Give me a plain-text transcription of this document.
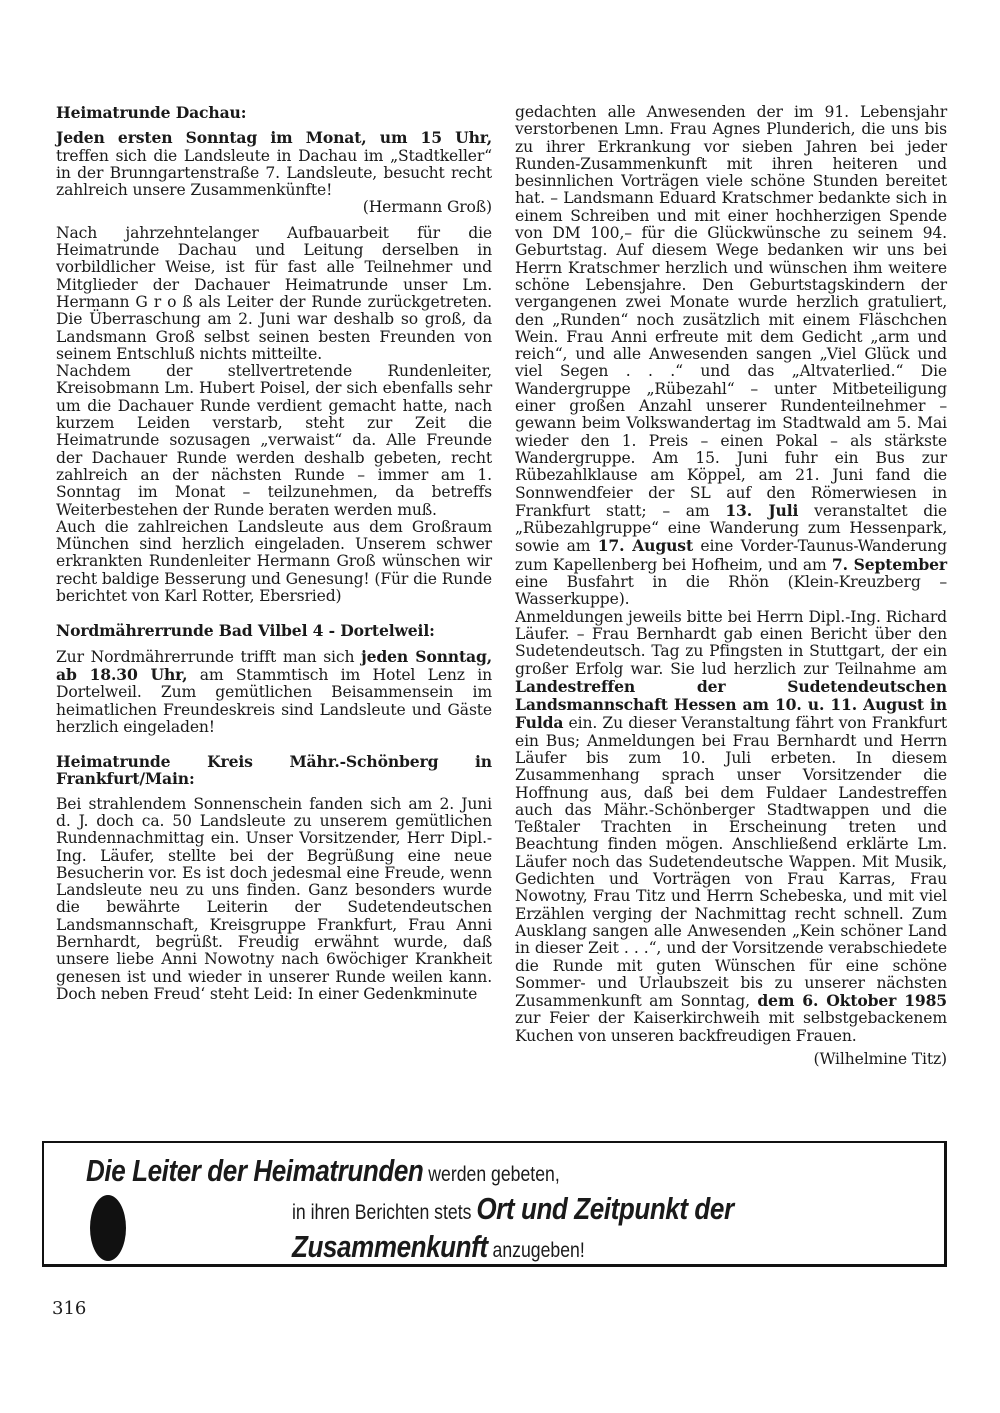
Heimatrunde Dachau:

Jeden ersten Sonntag im Monat, um 15 Uhr, treffen sich die Landsleute in Dachau im „Stadtkeller“ in der Brunngartenstraße 7. Landsleute, besucht recht zahlreich unsere Zusammenkünfte!

(Hermann Groß)

Nach jahrzehntelanger Aufbauarbeit für die Heimatrunde Dachau und Leitung derselben in vorbildlicher Weise, ist für fast alle Teilnehmer und Mitglieder der Dachauer Heimatrunde unser Lm. Hermann G r o ß als Leiter der Runde zurückgetreten. Die Überraschung am 2. Juni war deshalb so groß, da Landsmann Groß selbst seinen besten Freunden von seinem Entschluß nichts mitteilte.

Nachdem der stellvertretende Rundenleiter, Kreisobmann Lm. Hubert Poisel, der sich ebenfalls sehr um die Dachauer Runde verdient gemacht hatte, nach kurzem Leiden verstarb, steht zur Zeit die Heimatrunde sozusagen „verwaist“ da. Alle Freunde der Dachauer Runde werden deshalb gebeten, recht zahlreich an der nächsten Runde – immer am 1. Sonntag im Monat – teilzunehmen, da betreffs Weiterbestehen der Runde beraten werden muß.

Auch die zahlreichen Landsleute aus dem Großraum München sind herzlich eingeladen. Unserem schwer erkrankten Rundenleiter Hermann Groß wünschen wir recht baldige Besserung und Genesung! (Für die Runde berichtet von Karl Rotter, Ebersried)

Nordmährerrunde Bad Vilbel 4 - Dortelweil:

Zur Nordmährerrunde trifft man sich jeden Sonntag, ab 18.30 Uhr, am Stammtisch im Hotel Lenz in Dortelweil. Zum gemütlichen Beisammensein im heimatlichen Freundeskreis sind Landsleute und Gäste herzlich eingeladen!

Heimatrunde Kreis Mähr.-Schönberg in Frankfurt/Main:

Bei strahlendem Sonnenschein fanden sich am 2. Juni d. J. doch ca. 50 Landsleute zu unserem gemütlichen Rundennachmittag ein. Unser Vorsitzender, Herr Dipl.-Ing. Läufer, stellte bei der Begrüßung eine neue Besucherin vor. Es ist doch jedesmal eine Freude, wenn Landsleute neu zu uns finden. Ganz besonders wurde die bewährte Leiterin der Sudetendeutschen Landsmannschaft, Kreisgruppe Frankfurt, Frau Anni Bernhardt, begrüßt. Freudig erwähnt wurde, daß unsere liebe Anni Nowotny nach 6wöchiger Krankheit genesen ist und wieder in unserer Runde weilen kann. Doch neben Freud‘ steht Leid: In einer Gedenkminute

gedachten alle Anwesenden der im 91. Lebensjahr verstorbenen Lmn. Frau Agnes Plunderich, die uns bis zu ihrer Erkrankung vor sieben Jahren bei jeder Runden-Zusammenkunft mit ihren heiteren und besinnlichen Vorträgen viele schöne Stunden bereitet hat. – Landsmann Eduard Kratschmer bedankte sich in einem Schreiben und mit einer hochherzigen Spende von DM 100,– für die Glückwünsche zu seinem 94. Geburtstag. Auf diesem Wege bedanken wir uns bei Herrn Kratschmer herzlich und wünschen ihm weitere schöne Lebensjahre. Den Geburtstagskindern der vergangenen zwei Monate wurde herzlich gratuliert, den „Runden“ noch zusätzlich mit einem Fläschchen Wein. Frau Anni erfreute mit dem Gedicht „arm und reich“, und alle Anwesenden sangen „Viel Glück und viel Segen . . .“ und das „Altvaterlied.“ Die Wandergruppe „Rübezahl“ – unter Mitbeteiligung einer großen Anzahl unserer Rundenteilnehmer – gewann beim Volkswandertag im Stadtwald am 5. Mai wieder den 1. Preis – einen Pokal – als stärkste Wandergruppe. Am 15. Juni fuhr ein Bus zur Rübezahlklause am Köppel, am 21. Juni fand die Sonnwendfeier der SL auf den Römerwiesen in Frankfurt statt; – am 13. Juli veranstaltet die „Rübezahlgruppe“ eine Wanderung zum Hessenpark, sowie am 17. August eine Vorder-Taunus-Wanderung zum Kapellenberg bei Hofheim, und am 7. September eine Busfahrt in die Rhön (Klein-Kreuzberg – Wasserkuppe).

Anmeldungen jeweils bitte bei Herrn Dipl.-Ing. Richard Läufer. – Frau Bernhardt gab einen Bericht über den Sudetendeutsch. Tag zu Pfingsten in Stuttgart, der ein großer Erfolg war. Sie lud herzlich zur Teilnahme am Landestreffen der Sudetendeutschen Landsmannschaft Hessen am 10. u. 11. August in Fulda ein. Zu dieser Veranstaltung fährt von Frankfurt ein Bus; Anmeldungen bei Frau Bernhardt und Herrn Läufer bis zum 10. Juli erbeten. In diesem Zusammenhang sprach unser Vorsitzender die Hoffnung aus, daß bei dem Fuldaer Landestreffen auch das Mähr.-Schönberger Stadtwappen und die Teßtaler Trachten in Erscheinung treten und Beachtung finden mögen. Anschließend erklärte Lm. Läufer noch das Sudetendeutsche Wappen. Mit Musik, Gedichten und Vorträgen von Frau Karras, Frau Nowotny, Frau Titz und Herrn Schebeska, und mit viel Erzählen verging der Nachmittag recht schnell. Zum Ausklang sangen alle Anwesenden „Kein schöner Land in dieser Zeit . . .“, und der Vorsitzende verabschiedete die Runde mit guten Wünschen für eine schöne Sommer- und Urlaubszeit bis zu unserer nächsten Zusammenkunft am Sonntag, dem 6. Oktober 1985 zur Feier der Kaiserkirchweih mit selbstgebackenem Kuchen von unseren backfreudigen Frauen.
(Wilhelmine Titz)

Die Leiter der Heimatrunden werden gebeten,
in ihren Berichten stets Ort und Zeitpunkt der
Zusammenkunft anzugeben!
316
